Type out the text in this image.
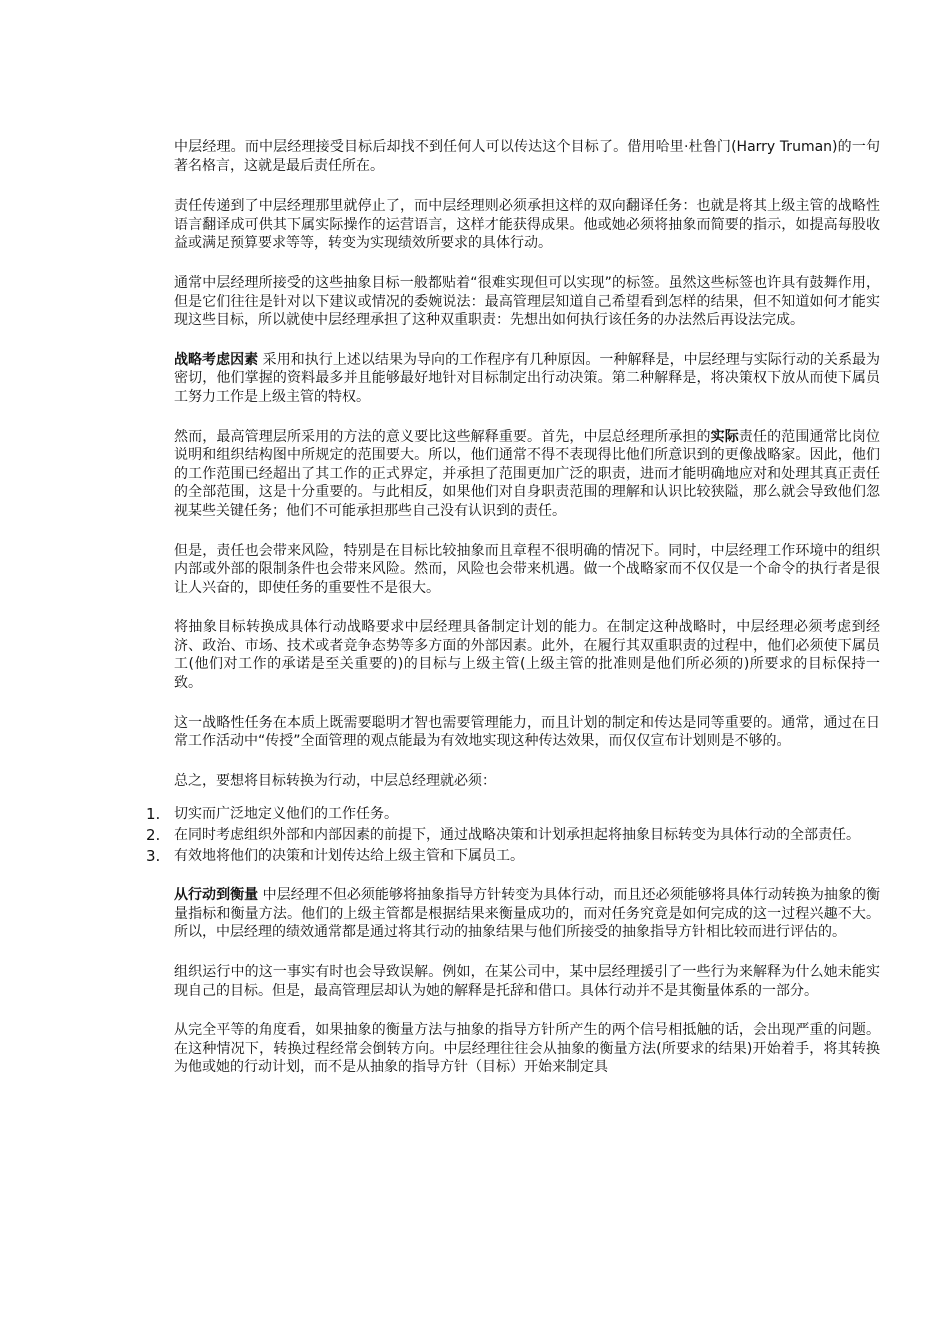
中层经理。而中层经理接受目标后却找不到任何人可以传达这个目标了。借用哈里·杜鲁门(Harry Truman)的一句著名格言，这就是最后责任所在。

责任传递到了中层经理那里就停止了，而中层经理则必须承担这样的双向翻译任务：也就是将其上级主管的战略性语言翻译成可供其下属实际操作的运营语言，这样才能获得成果。他或她必须将抽象而简要的指示，如提高每股收益或满足预算要求等等，转变为实现绩效所要求的具体行动。

通常中层经理所接受的这些抽象目标一般都贴着“很难实现但可以实现”的标签。虽然这些标签也许具有鼓舞作用，但是它们往往是针对以下建议或情况的委婉说法：最高管理层知道自己希望看到怎样的结果，但不知道如何才能实现这些目标，所以就使中层经理承担了这种双重职责：先想出如何执行该任务的办法然后再设法完成。

战略考虑因素 采用和执行上述以结果为导向的工作程序有几种原因。一种解释是，中层经理与实际行动的关系最为密切，他们掌握的资料最多并且能够最好地针对目标制定出行动决策。第二种解释是，将决策权下放从而使下属员工努力工作是上级主管的特权。

然而，最高管理层所采用的方法的意义要比这些解释重要。首先，中层总经理所承担的实际责任的范围通常比岗位说明和组织结构图中所规定的范围要大。所以，他们通常不得不表现得比他们所意识到的更像战略家。因此，他们的工作范围已经超出了其工作的正式界定，并承担了范围更加广泛的职责，进而才能明确地应对和处理其真正责任的全部范围，这是十分重要的。与此相反，如果他们对自身职责范围的理解和认识比较狭隘，那么就会导致他们忽视某些关键任务；他们不可能承担那些自己没有认识到的责任。

但是，责任也会带来风险，特别是在目标比较抽象而且章程不很明确的情况下。同时，中层经理工作环境中的组织内部或外部的限制条件也会带来风险。然而，风险也会带来机遇。做一个战略家而不仅仅是一个命令的执行者是很让人兴奋的，即使任务的重要性不是很大。

将抽象目标转换成具体行动战略要求中层经理具备制定计划的能力。在制定这种战略时，中层经理必须考虑到经济、政治、市场、技术或者竞争态势等多方面的外部因素。此外，在履行其双重职责的过程中，他们必须使下属员工(他们对工作的承诺是至关重要的)的目标与上级主管(上级主管的批准则是他们所必须的)所要求的目标保持一致。

这一战略性任务在本质上既需要聪明才智也需要管理能力，而且计划的制定和传达是同等重要的。通常，通过在日常工作活动中“传授”全面管理的观点能最为有效地实现这种传达效果，而仅仅宣布计划则是不够的。

总之，要想将目标转换为行动，中层总经理就必须：

1. 切实而广泛地定义他们的工作任务。
2. 在同时考虑组织外部和内部因素的前提下，通过战略决策和计划承担起将抽象目标转变为具体行动的全部责任。
3. 有效地将他们的决策和计划传达给上级主管和下属员工。

从行动到衡量 中层经理不但必须能够将抽象指导方针转变为具体行动，而且还必须能够将具体行动转换为抽象的衡量指标和衡量方法。他们的上级主管都是根据结果来衡量成功的，而对任务究竟是如何完成的这一过程兴趣不大。所以，中层经理的绩效通常都是通过将其行动的抽象结果与他们所接受的抽象指导方针相比较而进行评估的。

组织运行中的这一事实有时也会导致误解。例如，在某公司中，某中层经理援引了一些行为来解释为什么她未能实现自己的目标。但是，最高管理层却认为她的解释是托辞和借口。具体行动并不是其衡量体系的一部分。

从完全平等的角度看，如果抽象的衡量方法与抽象的指导方针所产生的两个信号相抵触的话，会出现严重的问题。在这种情况下，转换过程经常会倒转方向。中层经理往往会从抽象的衡量方法(所要求的结果)开始着手，将其转换为他或她的行动计划，而不是从抽象的指导方针（目标）开始来制定具
